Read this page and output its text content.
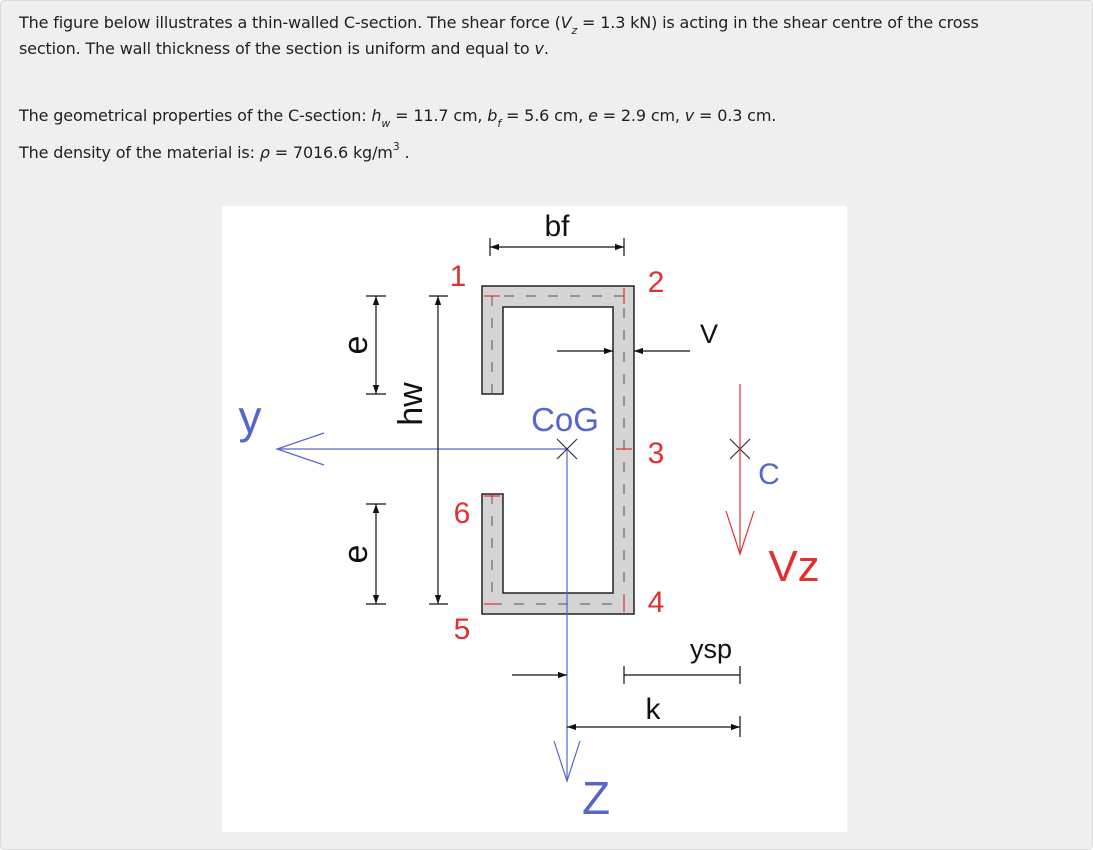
The figure below illustrates a thin-walled C-section. The shear force ($V_z = 1.3$ kN) is acting in the shear centre of the cross
section. The wall thickness of the section is uniform and equal to v.
The geometrical properties of the C-section: $h_w = 11.7$ cm, $b_f = 5.6$ cm, e = 2.9 cm, v = 0.3 cm.
The density of the material is: ρ = 7016.6 $kg/m^3$ .
bf
V
y	CoG
C
Vz
ysp
k
Z
hw
e
e
1	2
3
4
5
6
